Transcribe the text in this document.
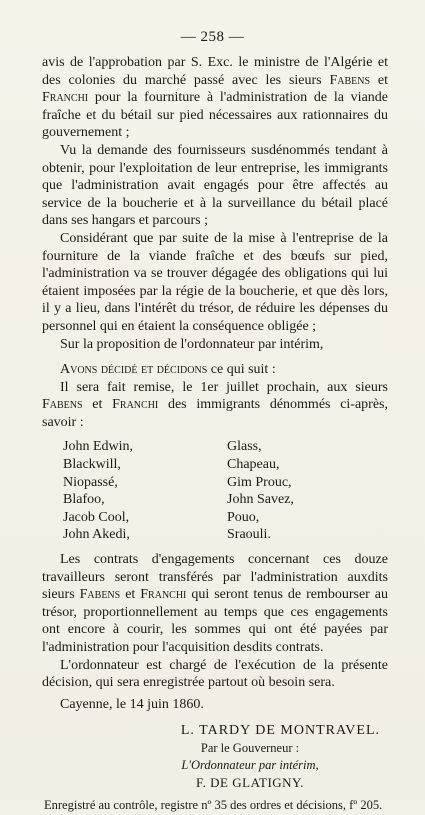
— 258 —

avis de l'approbation par S. Exc. le ministre de l'Algérie et des colonies du marché passé avec les sieurs Fabens et Franchi pour la fourniture à l'administration de la viande fraîche et du bétail sur pied nécessaires aux rationnaires du gouvernement ;

Vu la demande des fournisseurs susdénommés tendant à obtenir, pour l'exploitation de leur entreprise, les immigrants que l'administration avait engagés pour être affectés au service de la boucherie et à la surveillance du bétail placé dans ses hangars et parcours ;

Considérant que par suite de la mise à l'entreprise de la fourniture de la viande fraîche et des bœufs sur pied, l'administration va se trouver dégagée des obligations qui lui étaient imposées par la régie de la boucherie, et que dès lors, il y a lieu, dans l'intérêt du trésor, de réduire les dépenses du personnel qui en étaient la conséquence obligée ;

Sur la proposition de l'ordonnateur par intérim,

Avons décidé et décidons ce qui suit :

Il sera fait remise, le 1er juillet prochain, aux sieurs Fabens et Franchi des immigrants dénommés ci-après, savoir :

John Edwin,	Glass,
Blackwill,	Chapeau,
Niopassé,	Gim Prouc,
Blafoo,	John Savez,
Jacob Cool,	Pouo,
John Akedi,	Sraouli.

Les contrats d'engagements concernant ces douze travailleurs seront transférés par l'administration auxdits sieurs Fabens et Franchi qui seront tenus de rembourser au trésor, proportionnellement au temps que ces engagements ont encore à courir, les sommes qui ont été payées par l'administration pour l'acquisition desdits contrats.

L'ordonnateur est chargé de l'exécution de la présente décision, qui sera enregistrée partout où besoin sera.

Cayenne, le 14 juin 1860.

L. TARDY DE MONTRAVEL.
Par le Gouverneur :
L'Ordonnateur par intérim,
F. DE GLATIGNY.
Enregistré au contrôle, registre nº 35 des ordres et décisions, fº 205.
